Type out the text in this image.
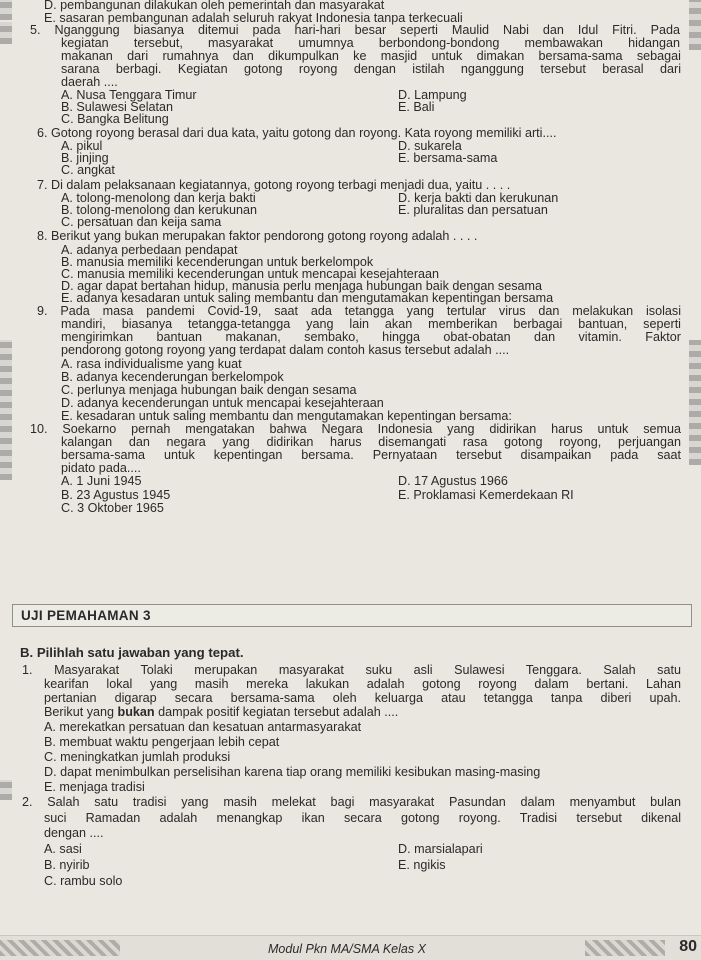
D. pembangunan dilakukan oleh pemerintah dan masyarakat
E. sasaran pembangunan adalah seluruh rakyat Indonesia tanpa terkecuali
5. Nganggung biasanya ditemui pada hari-hari besar seperti Maulid Nabi dan Idul Fitri. Pada
kegiatan tersebut, masyarakat umumnya berbondong-bondong membawakan hidangan
makanan dari rumahnya dan dikumpulkan ke masjid untuk dimakan bersama-sama sebagai
sarana berbagi. Kegiatan gotong royong dengan istilah nganggung tersebut berasal dari
daerah ....
A. Nusa Tenggara Timur
B. Sulawesi Selatan
C. Bangka Belitung
D. Lampung
E. Bali
6. Gotong royong berasal dari dua kata, yaitu gotong dan royong. Kata royong memiliki arti....
A. pikul
B. jinjing
C. angkat
D. sukarela
E. bersama-sama
7. Di dalam pelaksanaan kegiatannya, gotong royong terbagi menjadi dua, yaitu . . . .
A. tolong-menolong dan kerja bakti
B. tolong-menolong dan kerukunan
C. persatuan dan keija sama
D. kerja bakti dan kerukunan
E. pluralitas dan persatuan
8. Berikut yang bukan merupakan faktor pendorong gotong royong adalah . . . .
A. adanya perbedaan pendapat
B. manusia memiliki kecenderungan untuk berkelompok
C. manusia memiliki kecenderungan untuk mencapai kesejahteraan
D. agar dapat bertahan hidup, manusia perlu menjaga hubungan baik dengan sesama
E. adanya kesadaran untuk saling membantu dan mengutamakan kepentingan bersama
9. Pada masa pandemi Covid-19, saat ada tetangga yang tertular virus dan melakukan isolasi
mandiri, biasanya tetangga-tetangga yang lain akan memberikan berbagai bantuan, seperti
mengirimkan bantuan makanan, sembako, hingga obat-obatan dan vitamin. Faktor
pendorong gotong royong yang terdapat dalam contoh kasus tersebut adalah ....
A. rasa individualisme yang kuat
B. adanya kecenderungan berkelompok
C. perlunya menjaga hubungan baik dengan sesama
D. adanya kecenderungan untuk mencapai kesejahteraan
E. kesadaran untuk saling membantu dan mengutamakan kepentingan bersama:
10. Soekarno pernah mengatakan bahwa Negara Indonesia yang didirikan harus untuk semua
kalangan dan negara yang didirikan harus disemangati rasa gotong royong, perjuangan
bersama-sama untuk kepentingan bersama. Pernyataan tersebut disampaikan pada saat
pidato pada....
A. 1 Juni 1945
B. 23 Agustus 1945
C. 3 Oktober 1965
D. 17 Agustus 1966
E. Proklamasi Kemerdekaan RI
UJI PEMAHAMAN 3
B. Pilihlah satu jawaban yang tepat.
1. Masyarakat Tolaki merupakan masyarakat suku asli Sulawesi Tenggara. Salah satu
kearifan lokal yang masih mereka lakukan adalah gotong royong dalam bertani. Lahan
pertanian digarap secara bersama-sama oleh keluarga atau tetangga tanpa diberi upah.
Berikut yang bukan dampak positif kegiatan tersebut adalah ....
A. merekatkan persatuan dan kesatuan antarmasyarakat
B. membuat waktu pengerjaan lebih cepat
C. meningkatkan jumlah produksi
D. dapat menimbulkan perselisihan karena tiap orang memiliki kesibukan masing-masing
E. menjaga tradisi
2. Salah satu tradisi yang masih melekat bagi masyarakat Pasundan dalam menyambut bulan
suci Ramadan adalah menangkap ikan secara gotong royong. Tradisi tersebut dikenal
dengan ....
A. sasi
B. nyirib
C. rambu solo
D. marsialapari
E. ngikis
Modul Pkn MA/SMA Kelas X	80
